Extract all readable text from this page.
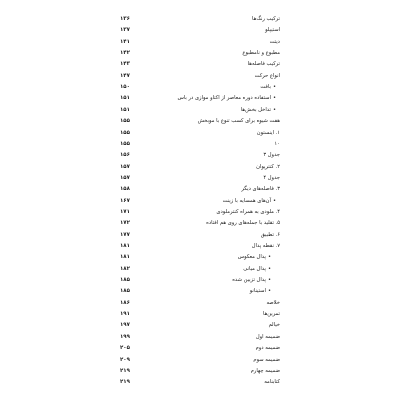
ترکیب رنگ‌ها
۱۳۶
استیپلو
۱۳۷
دیتت
۱۴۱
مطبوع و نامطبوع
۱۴۲
ترکیب فاصله‌ها
۱۴۳
انواع حرکت
۱۴۷
•بافت
۱۵۰
•استفاده دوره معاصر از اکتاو موازی در باس
۱۵۱
•تداخل بخش‌ها
۱۵۱
هفت شیوه برای کسب تنوع با موبخش
۱۵۵
۱. اینستون
۱۵۵
۱۰
۱۵۵
جدول ۳
۱۵۶
۲. کنترپوان
۱۵۷
جدول ۴
۱۵۷
۳. فاصله‌های دیگر
۱۵۸
•آن‌های همسایه با زینت
۱۶۷
۴. ملودی به همراه کنترملودی
۱۷۱
۵. تقلید با جمله‌های روی هم افتاده
۱۷۲
۶. تطبیق
۱۷۷
۷. نقطه پدال
۱۸۱
•پدال معکوس
۱۸۱
•پدال میانی
۱۸۲
•پدال تزیین شده
۱۸۵
•استینانو
۱۸۵
خلاصه
۱۸۶
تمرین‌ها
۱۹۱
خیالم
۱۹۷
ضمیمه اول
۱۹۹
ضمیمه دوم
۲۰۵
ضمیمه سوم
۲۰۹
ضمیمه چهارم
۲۱۹
کتابنامه
۲۱۹
